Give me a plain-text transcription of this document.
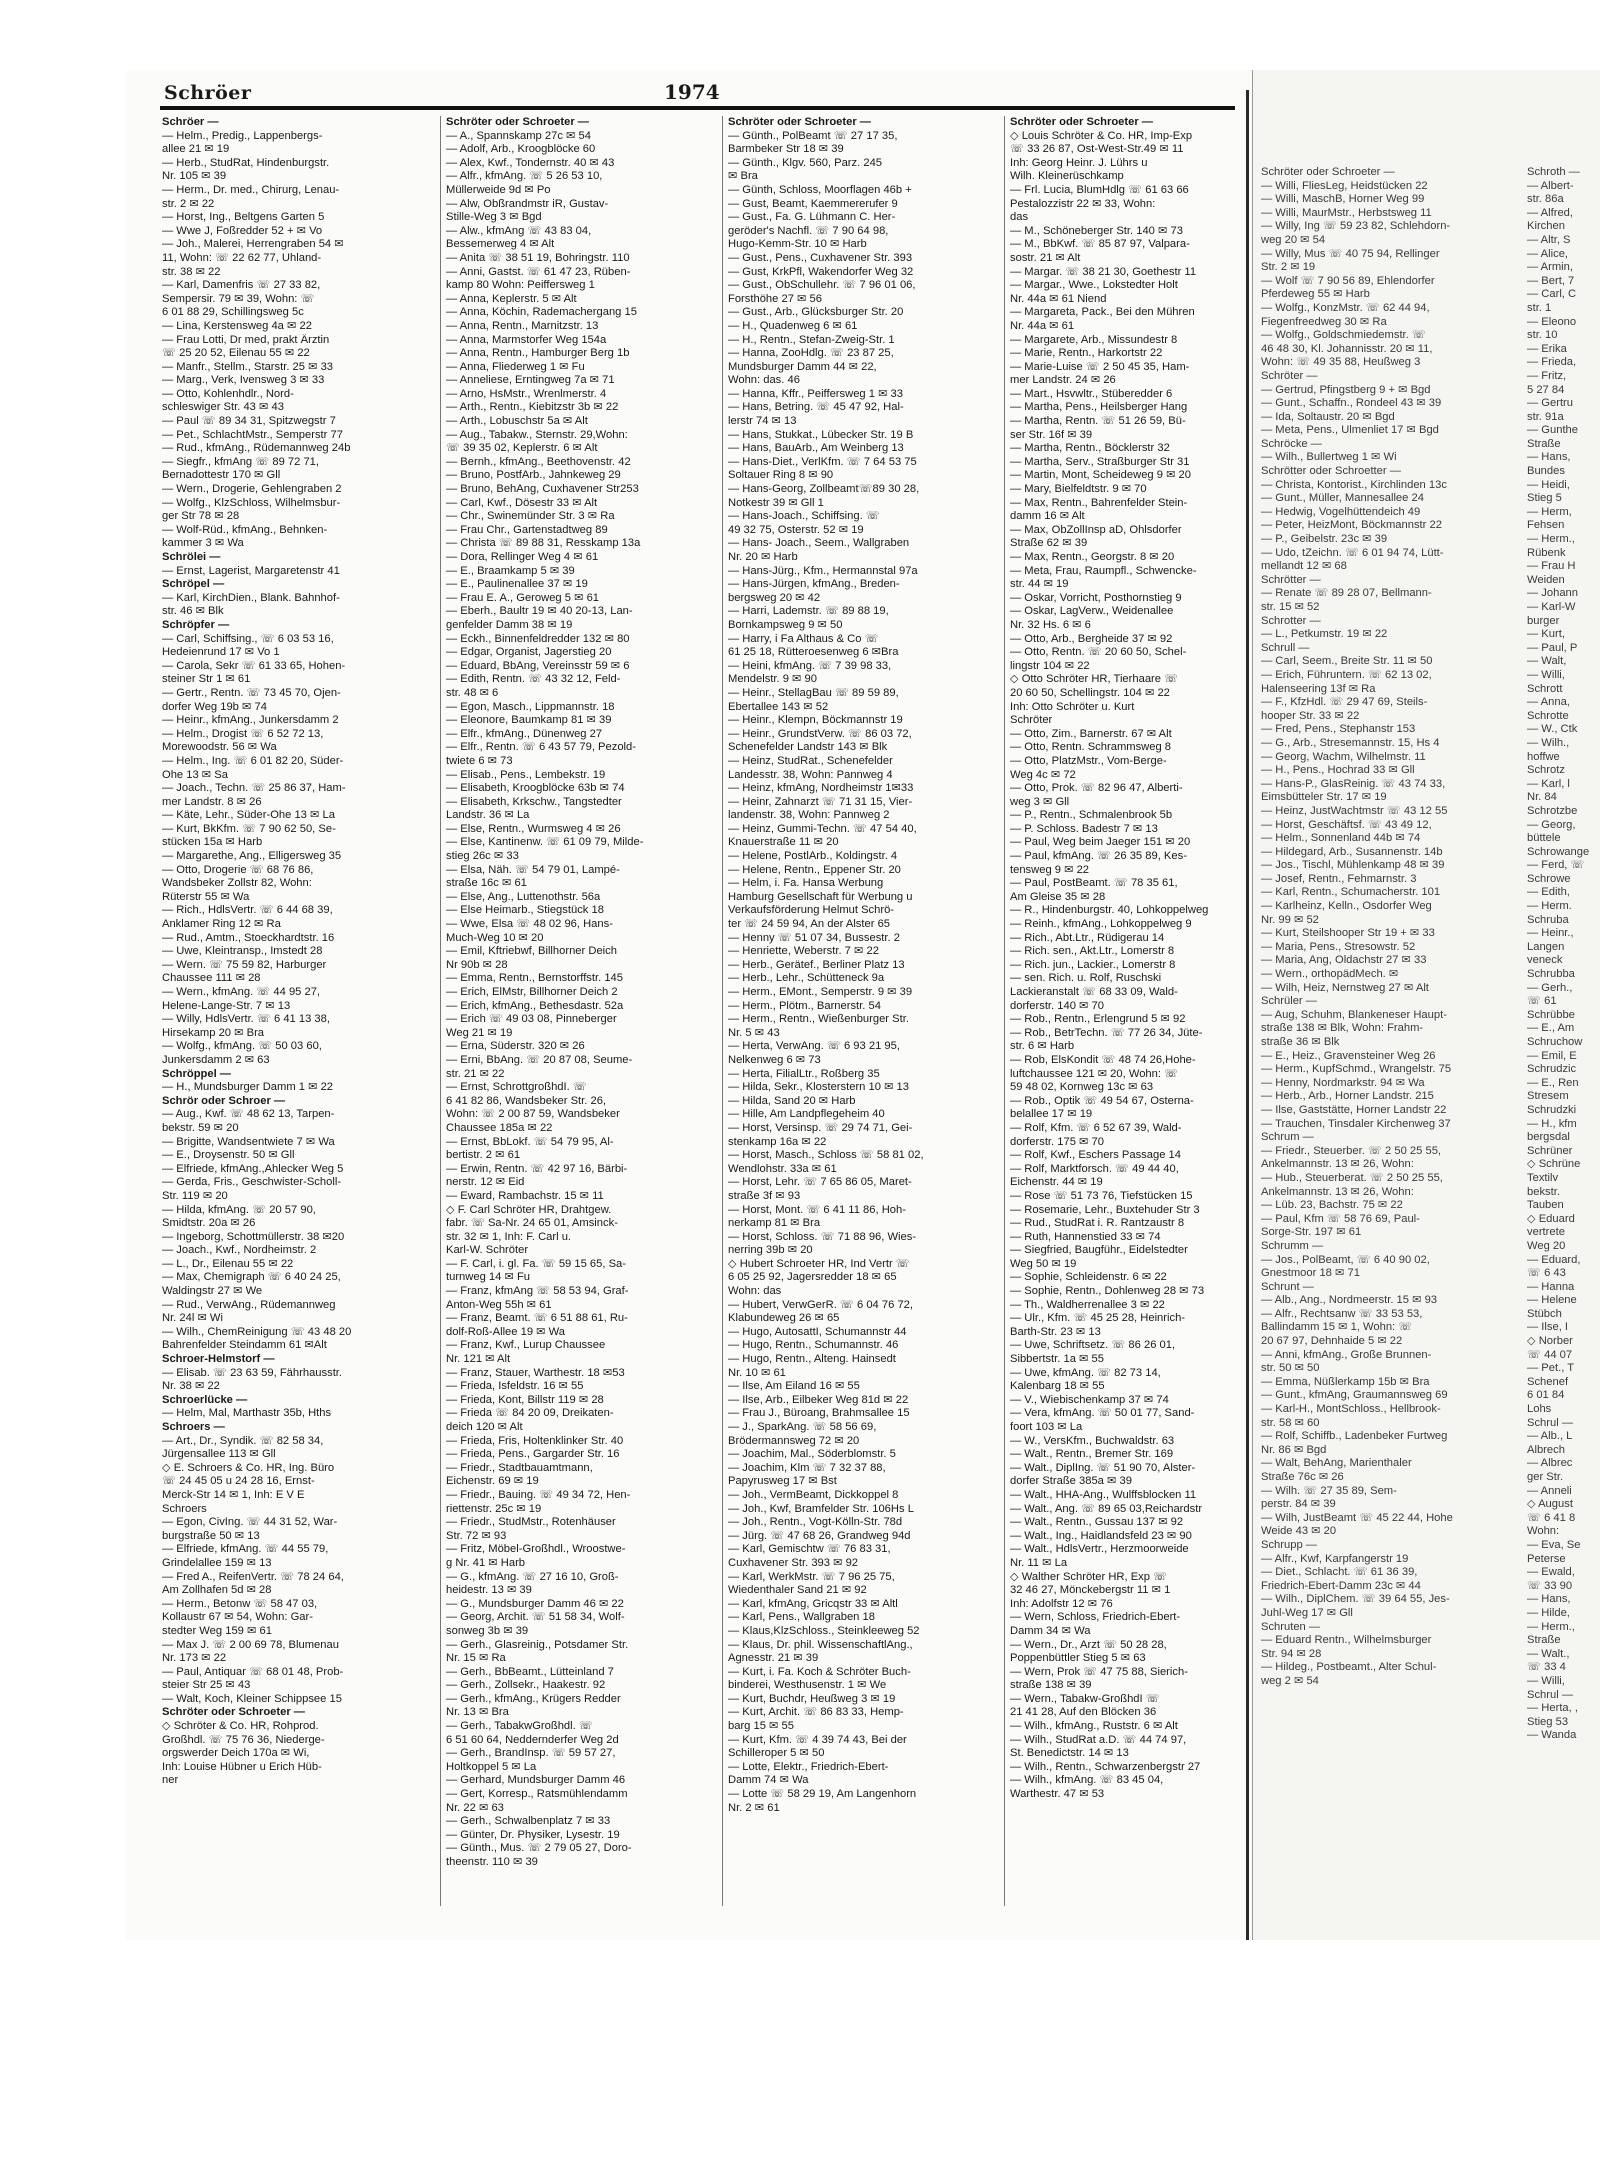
Schröer	1974
Schröer —
— Helm., Predig., Lappenbergs-
allee 21 ✉ 19
— Herb., StudRat, Hindenburgstr.
Nr. 105 ✉ 39
— Herm., Dr. med., Chirurg, Lenau-
str. 2 ✉ 22
— Horst, Ing., Beltgens Garten 5
— Wwe J, Foßredder 52 + ✉ Vo
— Joh., Malerei, Herrengraben 54 ✉
11, Wohn: ☏ 22 62 77, Uhland-
str. 38 ✉ 22
— Karl, Damenfris ☏ 27 33 82,
Sempersir. 79 ✉ 39, Wohn: ☏
6 01 88 29, Schillingsweg 5c
— Lina, Kerstensweg 4a ✉ 22
— Frau Lotti, Dr med, prakt Ärztin
☏ 25 20 52, Eilenau 55 ✉ 22
— Manfr., Stellm., Starstr. 25 ✉ 33
— Marg., Verk, Ivensweg 3 ✉ 33
— Otto, Kohlenhdlr., Nord-
schleswiger Str. 43 ✉ 43
— Paul ☏ 89 34 31, Spitzwegstr 7
— Pet., SchlachtMstr., Semperstr 77
— Rud., kfmAng., Rüdemannweg 24b
— Siegfr., kfmAng ☏ 89 72 71,
Bernadottestr 170 ✉ Gll
— Wern., Drogerie, Gehlengraben 2
— Wolfg., KlzSchloss, Wilhelmsbur-
ger Str 78 ✉ 28
— Wolf-Rüd., kfmAng., Behnken-
kammer 3 ✉ Wa
Schrölei —
— Ernst, Lagerist, Margaretenstr 41
Schröpel —
— Karl, KirchDien., Blank. Bahnhof-
str. 46 ✉ Blk
Schröpfer —
— Carl, Schiffsing., ☏ 6 03 53 16,
Hedeienrund 17 ✉ Vo 1
— Carola, Sekr ☏ 61 33 65, Hohen-
steiner Str 1 ✉ 61
— Gertr., Rentn. ☏ 73 45 70, Ojen-
dorfer Weg 19b ✉ 74
— Heinr., kfmAng., Junkersdamm 2
— Helm., Drogist ☏ 6 52 72 13,
Morewoodstr. 56 ✉ Wa
— Helm., Ing. ☏ 6 01 82 20, Süder-
Ohe 13 ✉ Sa
— Joach., Techn. ☏ 25 86 37, Ham-
mer Landstr. 8 ✉ 26
— Käte, Lehr., Süder-Ohe 13 ✉ La
— Kurt, BkKfm. ☏ 7 90 62 50, Se-
stücken 15a ✉ Harb
— Margarethe, Ang., Elligersweg 35
— Otto, Drogerie ☏ 68 76 86,
Wandsbeker Zollstr 82, Wohn:
Rüterstr 55 ✉ Wa
— Rich., HdlsVertr. ☏ 6 44 68 39,
Anklamer Ring 12 ✉ Ra
— Rud., Amtm., Stoeckhardtstr. 16
— Uwe, Kleintransp., Imstedt 28
— Wern. ☏ 75 59 82, Harburger
Chaussee 111 ✉ 28
— Wern., kfmAng. ☏ 44 95 27,
Helene-Lange-Str. 7 ✉ 13
— Willy, HdlsVertr. ☏ 6 41 13 38,
Hirsekamp 20 ✉ Bra
— Wolfg., kfmAng. ☏ 50 03 60,
Junkersdamm 2 ✉ 63
Schröppel —
— H., Mundsburger Damm 1 ✉ 22
Schrör oder Schroer —
— Aug., Kwf. ☏ 48 62 13, Tarpen-
bekstr. 59 ✉ 20
— Brigitte, Wandsentwiete 7 ✉ Wa
— E., Droysenstr. 50 ✉ Gll
— Elfriede, kfmAng.,Ahlecker Weg 5
— Gerda, Fris., Geschwister-Scholl-
Str. 119 ✉ 20
— Hilda, kfmAng. ☏ 20 57 90,
Smidtstr. 20a ✉ 26
— Ingeborg, Schottmüllerstr. 38 ✉20
— Joach., Kwf., Nordheimstr. 2
— L., Dr., Eilenau 55 ✉ 22
— Max, Chemigraph ☏ 6 40 24 25,
Waldingstr 27 ✉ We
— Rud., VerwAng., Rüdemannweg
Nr. 24l ✉ Wi
— Wilh., ChemReinigung ☏ 43 48 20
Bahrenfelder Steindamm 61 ✉Alt
Schroer-Helmstorf —
— Elisab. ☏ 23 63 59, Fährhausstr.
Nr. 38 ✉ 22
Schroerlücke —
— Helm, Mal, Marthastr 35b, Hths
Schroers —
— Art., Dr., Syndik. ☏ 82 58 34,
Jürgensallee 113 ✉ Gll
◇ E. Schroers & Co. HR, Ing. Büro
☏ 24 45 05 u 24 28 16, Ernst-
Merck-Str 14 ✉ 1, Inh: E V E
Schroers
— Egon, CivIng. ☏ 44 31 52, War-
burgstraße 50 ✉ 13
— Elfriede, kfmAng. ☏ 44 55 79,
Grindelallee 159 ✉ 13
— Fred A., ReifenVertr. ☏ 78 24 64,
Am Zollhafen 5d ✉ 28
— Herm., Betonw ☏ 58 47 03,
Kollaustr 67 ✉ 54, Wohn: Gar-
stedter Weg 159 ✉ 61
— Max J. ☏ 2 00 69 78, Blumenau
Nr. 173 ✉ 22
— Paul, Antiquar ☏ 68 01 48, Prob-
steier Str 25 ✉ 43
— Walt, Koch, Kleiner Schippsee 15
Schröter oder Schroeter —
◇ Schröter & Co. HR, Rohprod.
Großhdl. ☏ 75 76 36, Niederge-
orgswerder Deich 170a ✉ Wi,
Inh: Louise Hübner u Erich Hüb-
ner
Schröter oder Schroeter —
— A., Spannskamp 27c ✉ 54
— Adolf, Arb., Kroogblöcke 60
— Alex, Kwf., Tondernstr. 40 ✉ 43
— Alfr., kfmAng. ☏ 5 26 53 10,
Müllerweide 9d ✉ Po
— Alw, Obßrandmstr iR, Gustav-
Stille-Weg 3 ✉ Bgd
— Alw., kfmAng ☏ 43 83 04,
Bessemerweg 4 ✉ Alt
— Anita ☏ 38 51 19, Bohringstr. 110
— Anni, Gastst. ☏ 61 47 23, Rüben-
kamp 80 Wohn: Peiffersweg 1
— Anna, Keplerstr. 5 ✉ Alt
— Anna, Köchin, Rademachergang 15
— Anna, Rentn., Marnitzstr. 13
— Anna, Marmstorfer Weg 154a
— Anna, Rentn., Hamburger Berg 1b
— Anna, Fliederweg 1 ✉ Fu
— Anneliese, Erntingweg 7a ✉ 71
— Arno, HsMstr., Wrenlmerstr. 4
— Arth., Rentn., Kiebitzstr 3b ✉ 22
— Arth., Lobuschstr 5a ✉ Alt
— Aug., Tabakw., Sternstr. 29,Wohn:
☏ 39 35 02, Keplerstr. 6 ✉ Alt
— Bernh., kfmAng., Beethovenstr. 42
— Bruno, PostfArb., Jahnkeweg 29
— Bruno, BehAng, Cuxhavener Str253
— Carl, Kwf., Dösestr 33 ✉ Alt
— Chr., Swinemünder Str. 3 ✉ Ra
— Frau Chr., Gartenstadtweg 89
— Christa ☏ 89 88 31, Resskamp 13a
— Dora, Rellinger Weg 4 ✉ 61
— E., Braamkamp 5 ✉ 39
— E., Paulinenallee 37 ✉ 19
— Frau E. A., Geroweg 5 ✉ 61
— Eberh., Baultr 19 ✉ 40 20-13, Lan-
genfelder Damm 38 ✉ 19
— Eckh., Binnenfeldredder 132 ✉ 80
— Edgar, Organist, Jagerstieg 20
— Eduard, BbAng, Vereinsstr 59 ✉ 6
— Edith, Rentn. ☏ 43 32 12, Feld-
str. 48 ✉ 6
— Egon, Masch., Lippmannstr. 18
— Eleonore, Baumkamp 81 ✉ 39
— Elfr., kfmAng., Dünenweg 27
— Elfr., Rentn. ☏ 6 43 57 79, Pezold-
twiete 6 ✉ 73
— Elisab., Pens., Lembekstr. 19
— Elisabeth, Kroogblöcke 63b ✉ 74
— Elisabeth, Krkschw., Tangstedter
Landstr. 36 ✉ La
— Else, Rentn., Wurmsweg 4 ✉ 26
— Else, Kantinenw. ☏ 61 09 79, Milde-
stieg 26c ✉ 33
— Elsa, Näh. ☏ 54 79 01, Lampé-
straße 16c ✉ 61
— Else, Ang., Luttenothstr. 56a
— Else Heimarb., Stiegstück 18
— Wwe, Elsa ☏ 48 02 96, Hans-
Much-Weg 10 ✉ 20
— Emil, Kftriebwf, Billhorner Deich
Nr 90b ✉ 28
— Emma, Rentn., Bernstorffstr. 145
— Erich, ElMstr, Billhorner Deich 2
— Erich, kfmAng., Bethesdastr. 52a
— Erich ☏ 49 03 08, Pinneberger
Weg 21 ✉ 19
— Erna, Süderstr. 320 ✉ 26
— Erni, BbAng. ☏ 20 87 08, Seume-
str. 21 ✉ 22
— Ernst, SchrottgroßhdI. ☏
6 41 82 86, Wandsbeker Str. 26,
Wohn: ☏ 2 00 87 59, Wandsbeker
Chaussee 185a ✉ 22
— Ernst, BbLokf. ☏ 54 79 95, Al-
bertistr. 2 ✉ 61
— Erwin, Rentn. ☏ 42 97 16, Bärbi-
nerstr. 12 ✉ Eid
— Eward, Rambachstr. 15 ✉ 11
◇ F. Carl Schröter HR, Drahtgew.
fabr. ☏ Sa-Nr. 24 65 01, Amsinck-
str. 32 ✉ 1, Inh: F. Carl u.
Karl-W. Schröter
— F. Carl, i. gl. Fa. ☏ 59 15 65, Sa-
turnweg 14 ✉ Fu
— Franz, kfmAng ☏ 58 53 94, Graf-
Anton-Weg 55h ✉ 61
— Franz, Beamt. ☏ 6 51 88 61, Ru-
dolf-Roß-Allee 19 ✉ Wa
— Franz, Kwf., Lurup Chaussee
Nr. 121 ✉ Alt
— Franz, Stauer, Warthestr. 18 ✉53
— Frieda, Isfeldstr. 16 ✉ 55
— Frieda, Kont, Billstr 119 ✉ 28
— Frieda ☏ 84 20 09, Dreikaten-
deich 120 ✉ Alt
— Frieda, Fris, Holtenklinker Str. 40
— Frieda, Pens., Gargarder Str. 16
— Friedr., Stadtbauamtmann,
Eichenstr. 69 ✉ 19
— Friedr., Bauing. ☏ 49 34 72, Hen-
riettenstr. 25c ✉ 19
— Friedr., StudMstr., Rotenhäuser
Str. 72 ✉ 93
— Fritz, Möbel-Großhdl., Wroostwe-
g Nr. 41 ✉ Harb
— G., kfmAng. ☏ 27 16 10, Groß-
heidestr. 13 ✉ 39
— G., Mundsburger Damm 46 ✉ 22
— Georg, Archit. ☏ 51 58 34, Wolf-
sonweg 3b ✉ 39
— Gerh., Glasreinig., Potsdamer Str.
Nr. 15 ✉ Ra
— Gerh., BbBeamt., Lütteinland 7
— Gerh., Zollsekr., Haakestr. 92
— Gerh., kfmAng., Krügers Redder
Nr. 13 ✉ Bra
— Gerh., TabakwGroßhdl. ☏
6 51 60 64, Neddernderfer Weg 2d
— Gerh., BrandInsp. ☏ 59 57 27,
Holtkoppel 5 ✉ La
— Gerhard, Mundsburger Damm 46
— Gert, Korresp., Ratsmühlendamm
Nr. 22 ✉ 63
— Gerh., Schwalbenplatz 7 ✉ 33
— Günter, Dr. Physiker, Lysestr. 19
— Günth., Mus. ☏ 2 79 05 27, Doro-
theenstr. 110 ✉ 39
Schröter oder Schroeter —
— Günth., PolBeamt ☏ 27 17 35,
Barmbeker Str 18 ✉ 39
— Günth., Klgv. 560, Parz. 245
✉ Bra
— Günth, Schloss, Moorflagen 46b +
— Gust, Beamt, Kaemmererufer 9
— Gust., Fa. G. Lühmann C. Her-
geröder's Nachfl. ☏ 7 90 64 98,
Hugo-Kemm-Str. 10 ✉ Harb
— Gust., Pens., Cuxhavener Str. 393
— Gust, KrkPfl, Wakendorfer Weg 32
— Gust., ObSchullehr. ☏ 7 96 01 06,
Forsthöhe 27 ✉ 56
— Gust., Arb., Glücksburger Str. 20
— H., Quadenweg 6 ✉ 61
— H., Rentn., Stefan-Zweig-Str. 1
— Hanna, ZooHdlg. ☏ 23 87 25,
Mundsburger Damm 44 ✉ 22,
Wohn: das. 46
— Hanna, Kffr., Peiffersweg 1 ✉ 33
— Hans, Betring. ☏ 45 47 92, Hal-
lerstr 74 ✉ 13
— Hans, Stukkat., Lübecker Str. 19 B
— Hans, BauArb., Am Weinberg 13
— Hans-Diet., VerlKfm. ☏ 7 64 53 75
Soltauer Ring 8 ✉ 90
— Hans-Georg, Zollbeamt☏89 30 28,
Notkestr 39 ✉ Gll 1
— Hans-Joach., Schiffsing. ☏
49 32 75, Osterstr. 52 ✉ 19
— Hans- Joach., Seem., Wallgraben
Nr. 20 ✉ Harb
— Hans-Jürg., Kfm., Hermannstal 97a
— Hans-Jürgen, kfmAng., Breden-
bergsweg 20 ✉ 42
— Harri, Lademstr. ☏ 89 88 19,
Bornkampsweg 9 ✉ 50
— Harry, i Fa Althaus & Co ☏
61 25 18, Rütteroesenweg 6 ✉Bra
— Heini, kfmAng. ☏ 7 39 98 33,
Mendelstr. 9 ✉ 90
— Heinr., StellagBau ☏ 89 59 89,
Ebertallee 143 ✉ 52
— Heinr., Klempn, Böckmannstr 19
— Heinr., GrundstVerw. ☏ 86 03 72,
Schenefelder Landstr 143 ✉ Blk
— Heinz, StudRat., Schenefelder
Landesstr. 38, Wohn: Pannweg 4
— Heinz, kfmAng, Nordheimstr 1✉33
— Heinr, Zahnarzt ☏ 71 31 15, Vier-
landenstr. 38, Wohn: Pannweg 2
— Heinz, Gummi-Techn. ☏ 47 54 40,
Knauerstraße 11 ✉ 20
— Helene, PostlArb., Koldingstr. 4
— Helene, Rentn., Eppener Str. 20
— Helm, i. Fa. Hansa Werbung
Hamburg Gesellschaft für Werbung u
Verkaufsförderung Helmut Schrö-
ter ☏ 24 59 94, An der Alster 65
— Henny ☏ 51 07 34, Bussestr. 2
— Henriette, Weberstr. 7 ✉ 22
— Herb., Gerätef., Berliner Platz 13
— Herb., Lehr., Schütteneck 9a
— Herm., EMont., Semperstr. 9 ✉ 39
— Herm., Plötm., Barnerstr. 54
— Herm., Rentn., Wießenburger Str.
Nr. 5 ✉ 43
— Herta, VerwAng. ☏ 6 93 21 95,
Nelkenweg 6 ✉ 73
— Herta, FilialLtr., Roßberg 35
— Hilda, Sekr., Klosterstern 10 ✉ 13
— Hilda, Sand 20 ✉ Harb
— Hille, Am Landpflegeheim 40
— Horst, Versinsp. ☏ 29 74 71, Gei-
stenkamp 16a ✉ 22
— Horst, Masch., Schloss ☏ 58 81 02,
Wendlohstr. 33a ✉ 61
— Horst, Lehr. ☏ 7 65 86 05, Maret-
straße 3f ✉ 93
— Horst, Mont. ☏ 6 41 11 86, Hoh-
nerkamp 81 ✉ Bra
— Horst, Schloss. ☏ 71 88 96, Wies-
nerring 39b ✉ 20
◇ Hubert Schroeter HR, Ind Vertr ☏
6 05 25 92, Jagersredder 18 ✉ 65
Wohn: das
— Hubert, VerwGerR. ☏ 6 04 76 72,
Klabundeweg 26 ✉ 65
— Hugo, AutosattI, Schumannstr 44
— Hugo, Rentn., Schumannstr. 46
— Hugo, Rentn., Alteng. Hainsedt
Nr. 10 ✉ 61
— Ilse, Am Eiland 16 ✉ 55
— Ilse, Arb., Eilbeker Weg 81d ✉ 22
— Frau J., Büroang, Brahmsallee 15
— J., SparkAng. ☏ 58 56 69,
Brödermannsweg 72 ✉ 20
— Joachim, Mal., Söderblomstr. 5
— Joachim, Klm ☏ 7 32 37 88,
Papyrusweg 17 ✉ Bst
— Joh., VermBeamt, Dickkoppel 8
— Joh., Kwf, Bramfelder Str. 106Hs L
— Joh., Rentn., Vogt-Kölln-Str. 78d
— Jürg. ☏ 47 68 26, Grandweg 94d
— Karl, Gemischtw ☏ 76 83 31,
Cuxhavener Str. 393 ✉ 92
— Karl, WerkMstr. ☏ 7 96 25 75,
Wiedenthaler Sand 21 ✉ 92
— Karl, kfmAng, Gricqstr 33 ✉ Altl
— Karl, Pens., Wallgraben 18
— Klaus,KlzSchloss., Steinkleeweg 52
— Klaus, Dr. phil. WissenschaftlAng.,
Agnesstr. 21 ✉ 39
— Kurt, i. Fa. Koch & Schröter Buch-
binderei, Westhusenstr. 1 ✉ We
— Kurt, Buchdr, Heußweg 3 ✉ 19
— Kurt, Archit. ☏ 86 83 33, Hemp-
barg 15 ✉ 55
— Kurt, Kfm. ☏ 4 39 74 43, Bei der
Schilleroper 5 ✉ 50
— Lotte, Elektr., Friedrich-Ebert-
Damm 74 ✉ Wa
— Lotte ☏ 58 29 19, Am Langenhorn
Nr. 2 ✉ 61
Schröter oder Schroeter —
◇ Louis Schröter & Co. HR, Imp-Exp
☏ 33 26 87, Ost-West-Str.49 ✉ 11
Inh: Georg Heinr. J. Lührs u
Wilh. Kleinerüschkamp
— Frl. Lucia, BlumHdlg ☏ 61 63 66
Pestalozzistr 22 ✉ 33, Wohn:
das
— M., Schöneberger Str. 140 ✉ 73
— M., BbKwf. ☏ 85 87 97, Valpara-
sostr. 21 ✉ Alt
— Margar. ☏ 38 21 30, Goethestr 11
— Margar., Wwe., Lokstedter Holt
Nr. 44a ✉ 61 Niend
— Margareta, Pack., Bei den Mühren
Nr. 44a ✉ 61
— Margarete, Arb., Missundestr 8
— Marie, Rentn., Harkortstr 22
— Marie-Luise ☏ 2 50 45 35, Ham-
mer Landstr. 24 ✉ 26
— Mart., Hsvwltr., Stüberedder 6
— Martha, Pens., Heilsberger Hang
— Martha, Rentn. ☏ 51 26 59, Bü-
ser Str. 16f ✉ 39
— Martha, Rentn., Böcklerstr 32
— Martha, Serv., Straßburger Str 31
— Martin, Mont, Scheideweg 9 ✉ 20
— Mary, Bielfeldtstr. 9 ✉ 70
— Max, Rentn., Bahrenfelder Stein-
damm 16 ✉ Alt
— Max, ObZollInsp aD, Ohlsdorfer
Straße 62 ✉ 39
— Max, Rentn., Georgstr. 8 ✉ 20
— Meta, Frau, Raumpfl., Schwencke-
str. 44 ✉ 19
— Oskar, Vorricht, Posthornstieg 9
— Oskar, LagVerw., Weidenallee
Nr. 32 Hs. 6 ✉ 6
— Otto, Arb., Bergheide 37 ✉ 92
— Otto, Rentn. ☏ 20 60 50, Schel-
lingstr 104 ✉ 22
◇ Otto Schröter HR, Tierhaare ☏
20 60 50, Schellingstr. 104 ✉ 22
Inh: Otto Schröter u. Kurt
Schröter
— Otto, Zim., Barnerstr. 67 ✉ Alt
— Otto, Rentn. Schrammsweg 8
— Otto, PlatzMstr., Vom-Berge-
Weg 4c ✉ 72
— Otto, Prok. ☏ 82 96 47, Alberti-
weg 3 ✉ Gll
— P., Rentn., Schmalenbrook 5b
— P. Schloss. Badestr 7 ✉ 13
— Paul, Weg beim Jaeger 151 ✉ 20
— Paul, kfmAng. ☏ 26 35 89, Kes-
tensweg 9 ✉ 22
— Paul, PostBeamt. ☏ 78 35 61,
Am Gleise 35 ✉ 28
— R., Hindenburgstr. 40, Lohkoppelweg
— Reinh., kfmAng., Lohkoppelweg 9
— Rich., Abt.Ltr., Rüdigerau 14
— Rich. sen., Akt.Ltr., Lomerstr 8
— Rich. jun., Lackier., Lomerstr 8
— sen. Rich. u. Rolf, Ruschski
Lackieranstalt ☏ 68 33 09, Wald-
dorferstr. 140 ✉ 70
— Rob., Rentn., Erlengrund 5 ✉ 92
— Rob., BetrTechn. ☏ 77 26 34, Jüte-
str. 6 ✉ Harb
— Rob, ElsKondit ☏ 48 74 26,Hohe-
luftchaussee 121 ✉ 20, Wohn: ☏
59 48 02, Kornweg 13c ✉ 63
— Rob., Optik ☏ 49 54 67, Osterna-
belallee 17 ✉ 19
— Rolf, Kfm. ☏ 6 52 67 39, Wald-
dorferstr. 175 ✉ 70
— Rolf, Kwf., Eschers Passage 14
— Rolf, Marktforsch. ☏ 49 44 40,
Eichenstr. 44 ✉ 19
— Rose ☏ 51 73 76, Tiefstücken 15
— Rosemarie, Lehr., Buxtehuder Str 3
— Rud., StudRat i. R. Rantzaustr 8
— Ruth, Hannenstied 33 ✉ 74
— Siegfried, Baugführ., Eidelstedter
Weg 50 ✉ 19
— Sophie, Schleidenstr. 6 ✉ 22
— Sophie, Rentn., Dohlenweg 28 ✉ 73
— Th., Waldherrenallee 3 ✉ 22
— Ulr., Kfm. ☏ 45 25 28, Heinrich-
Barth-Str. 23 ✉ 13
— Uwe, Schriftsetz. ☏ 86 26 01,
Sibbertstr. 1a ✉ 55
— Uwe, kfmAng. ☏ 82 73 14,
Kalenbarg 18 ✉ 55
— V., Wiebischenkamp 37 ✉ 74
— Vera, kfmAng. ☏ 50 01 77, Sand-
foort 103 ✉ La
— W., VersKfm., Buchwaldstr. 63
— Walt., Rentn., Bremer Str. 169
— Walt., DiplIng. ☏ 51 90 70, Alster-
dorfer Straße 385a ✉ 39
— Walt., HHA-Ang., Wulffsblocken 11
— Walt., Ang. ☏ 89 65 03,Reichardstr
— Walt., Rentn., Gussau 137 ✉ 92
— Walt., Ing., Haidlandsfeld 23 ✉ 90
— Walt., HdlsVertr., Herzmoorweide
Nr. 11 ✉ La
◇ Walther Schröter HR, Exp ☏
32 46 27, Mönckebergstr 11 ✉ 1
Inh: Adolfstr 12 ✉ 76
— Wern, Schloss, Friedrich-Ebert-
Damm 34 ✉ Wa
— Wern., Dr., Arzt ☏ 50 28 28,
Poppenbüttler Stieg 5 ✉ 63
— Wern, Prok ☏ 47 75 88, Sierich-
straße 138 ✉ 39
— Wern., Tabakw-GroßhdI ☏
21 41 28, Auf den Blöcken 36
— Wilh., kfmAng., Ruststr. 6 ✉ Alt
— Wilh., StudRat a.D. ☏ 44 74 97,
St. Benedictstr. 14 ✉ 13
— Wilh., Rentn., Schwarzenbergstr 27
— Wilh., kfmAng. ☏ 83 45 04,
Warthestr. 47 ✉ 53
Schröter oder Schroeter —
— Willi, FliesLeg, Heidstücken 22
— Willi, MaschB, Horner Weg 99
— Willi, MaurMstr., Herbstsweg 11
— Willy, Ing ☏ 59 23 82, Schlehdorn-
weg 20 ✉ 54
— Willy, Mus ☏ 40 75 94, Rellinger
Str. 2 ✉ 19
— Wolf ☏ 7 90 56 89, Ehlendorfer
Pferdeweg 55 ✉ Harb
— Wolfg., KonzMstr. ☏ 62 44 94,
Fiegenfreedweg 30 ✉ Ra
— Wolfg., Goldschmiedemstr. ☏
46 48 30, Kl. Johannisstr. 20 ✉ 11,
Wohn: ☏ 49 35 88, Heußweg 3
Schröter —
— Gertrud, Pfingstberg 9 + ✉ Bgd
— Gunt., Schaffn., Rondeel 43 ✉ 39
— Ida, Soltaustr. 20 ✉ Bgd
— Meta, Pens., Ulmenliet 17 ✉ Bgd
Schröcke —
— Wilh., Bullertweg 1 ✉ Wi
Schrötter oder Schroetter —
— Christa, Kontorist., Kirchlinden 13c
— Gunt., Müller, Mannesallee 24
— Hedwig, Vogelhüttendeich 49
— Peter, HeizMont, Böckmannstr 22
— P., Geibelstr. 23c ✉ 39
— Udo, tZeichn. ☏ 6 01 94 74, Lütt-
mellandt 12 ✉ 68
Schrötter —
— Renate ☏ 89 28 07, Bellmann-
str. 15 ✉ 52
Schrotter —
— L., Petkumstr. 19 ✉ 22
Schrull —
— Carl, Seem., Breite Str. 11 ✉ 50
— Erich, Führuntern. ☏ 62 13 02,
Halenseering 13f ✉ Ra
— F., KfzHdl. ☏ 29 47 69, Steils-
hooper Str. 33 ✉ 22
— Fred, Pens., Stephanstr 153
— G., Arb., Stresemannstr. 15, Hs 4
— Georg, Wachm, Wilhelmstr. 11
— H., Pens., Hochrad 33 ✉ Gll
— Hans-P., GlasReinig. ☏ 43 74 33,
Eimsbütteler Str. 17 ✉ 19
— Heinz, JustWachtmstr ☏ 43 12 55
— Horst, Geschäftsf. ☏ 43 49 12,
— Helm., Sonnenland 44b ✉ 74
— Hildegard, Arb., Susannenstr. 14b
— Jos., Tischl, Mühlenkamp 48 ✉ 39
— Josef, Rentn., Fehmarnstr. 3
— Karl, Rentn., Schumacherstr. 101
— Karlheinz, Kelln., Osdorfer Weg
Nr. 99 ✉ 52
— Kurt, Steilshooper Str 19 + ✉ 33
— Maria, Pens., Stresowstr. 52
— Maria, Ang, Oldachstr 27 ✉ 33
— Wern., orthopädMech. ✉
— Wilh, Heiz, Nernstweg 27 ✉ Alt
Schrüler —
— Aug, Schuhm, Blankeneser Haupt-
straße 138 ✉ Blk, Wohn: Frahm-
straße 36 ✉ Blk
— E., Heiz., Gravensteiner Weg 26
— Herm., KupfSchmd., Wrangelstr. 75
— Henny, Nordmarkstr. 94 ✉ Wa
— Herb., Arb., Horner Landstr. 215
— Ilse, Gaststätte, Horner Landstr 22
— Trauchen, Tinsdaler Kirchenweg 37
Schrum —
— Friedr., Steuerber. ☏ 2 50 25 55,
Ankelmannstr. 13 ✉ 26, Wohn:
— Hub., Steuerberat. ☏ 2 50 25 55,
Ankelmannstr. 13 ✉ 26, Wohn:
— Lüb. 23, Bachstr. 75 ✉ 22
— Paul, Kfm ☏ 58 76 69, Paul-
Sorge-Str. 197 ✉ 61
Schrumm —
— Jos., PolBeamt, ☏ 6 40 90 02,
Gnestmoor 18 ✉ 71
Schrunt —
— Alb., Ang., Nordmeerstr. 15 ✉ 93
— Alfr., Rechtsanw ☏ 33 53 53,
Ballindamm 15 ✉ 1, Wohn: ☏
20 67 97, Dehnhaide 5 ✉ 22
— Anni, kfmAng., Große Brunnen-
str. 50 ✉ 50
— Emma, Nüßlerkamp 15b ✉ Bra
— Gunt., kfmAng, Graumannsweg 69
— Karl-H., MontSchloss., Hellbrook-
str. 58 ✉ 60
— Rolf, Schiffb., Ladenbeker Furtweg
Nr. 86 ✉ Bgd
— Walt, BehAng, Marienthaler
Straße 76c ✉ 26
— Wilh. ☏ 27 35 89, Sem-
perstr. 84 ✉ 39
— Wilh, JustBeamt ☏ 45 22 44, Hohe
Weide 43 ✉ 20
Schrupp —
— Alfr., Kwf, Karpfangerstr 19
— Diet., Schlacht. ☏ 61 36 39,
Friedrich-Ebert-Damm 23c ✉ 44
— Wilh., DiplChem. ☏ 39 64 55, Jes-
Juhl-Weg 17 ✉ Gll
Schruten —
— Eduard Rentn., Wilhelmsburger
Str. 94 ✉ 28
— Hildeg., Postbeamt., Alter Schul-
weg 2 ✉ 54
Schroth —
— Albert-
str. 86a
— Alfred,
Kirchen
— Altr, S
— Alice,
— Armin,
— Bert, 7
— Carl, C
str. 1
— Eleono
str. 10
— Erika
— Frieda,
— Fritz,
5 27 84
— Gertru
str. 91a
— Gunthe
Straße
— Hans,
Bundes
— Heidi,
Stieg 5
— Herm,
Fehsen
— Herm.,
Rübenk
— Frau H
Weiden
— Johann
— Karl-W
burger
— Kurt,
— Paul, P
— Walt,
— Willi,
Schrott
— Anna,
Schrotte
— W., Ctk
— Wilh.,
hoffwe
Schrotz
— Karl, l
Nr. 84
Schrotzbe
— Georg,
büttele
Schrowange
— Ferd, ☏
Schrowe
— Edith,
— Herm.
Schruba
— Heinr.,
Langen
veneck
Schrubba
— Gerh.,
☏ 61
Schrübbe
— E., Am
Schruchow
— Emil, E
Schrudzic
— E., Ren
Stresem
Schrudzki
— H., kfm
bergsdal
Schrüner
◇ Schrüne
Textilv
bekstr.
Tauben
◇ Eduard
vertrete
Weg 20
— Eduard,
☏ 6 43
— Hanna
— Helene
Stübch
— Ilse, I
◇ Norber
☏ 44 07
— Pet., T
Schenef
6 01 84
Lohs
Schrul —
— Alb., L
Albrech
— Albrec
ger Str.
— Anneli
◇ August
☏ 6 41 8
Wohn:
— Eva, Se
Peterse
— Ewald,
☏ 33 90
— Hans,
— Hilde,
— Herm.,
Straße
— Walt.,
☏ 33 4
— Willi,
Schrul —
— Herta, ,
Stieg 53
— Wanda
